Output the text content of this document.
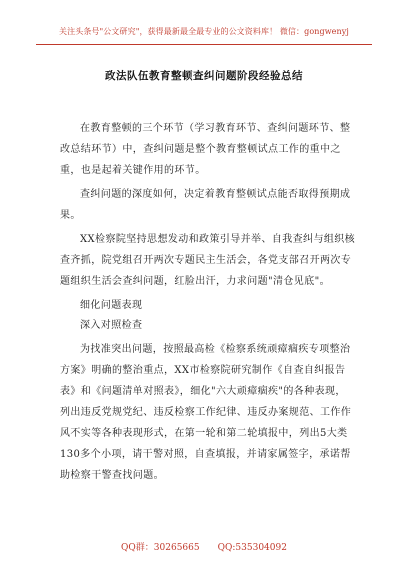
关注头条号"公文研究"，获得最新最全最专业的公文资料库！ 微信：gongwenyj
政法队伍教育整顿查纠问题阶段经验总结

在教育整顿的三个环节（学习教育环节、查纠问题环节、整改总结环节）中，查纠问题是整个教育整顿试点工作的重中之重，也是起着关键作用的环节。

查纠问题的深度如何，决定着教育整顿试点能否取得预期成果。

XX检察院坚持思想发动和政策引导并举、自我查纠与组织核查齐抓，院党组召开两次专题民主生活会，各党支部召开两次专题组织生活会查纠问题，红脸出汗，力求问题"清仓见底"。

细化问题表现

深入对照检查

为找准突出问题，按照最高检《检察系统顽瘴痼疾专项整治方案》明确的整治重点，XX市检察院研究制作《自查自纠报告表》和《问题清单对照表》，细化"六大顽瘴痼疾"的各种表现，列出违反党规党纪、违反检察工作纪律、违反办案规范、工作作风不实等各种表现形式，在第一轮和第二轮填报中，列出5大类130多个小项，请干警对照，自查填报，并请家属签字，承诺帮助检察干警查找问题。

QQ群：30265665 QQ:535304092
